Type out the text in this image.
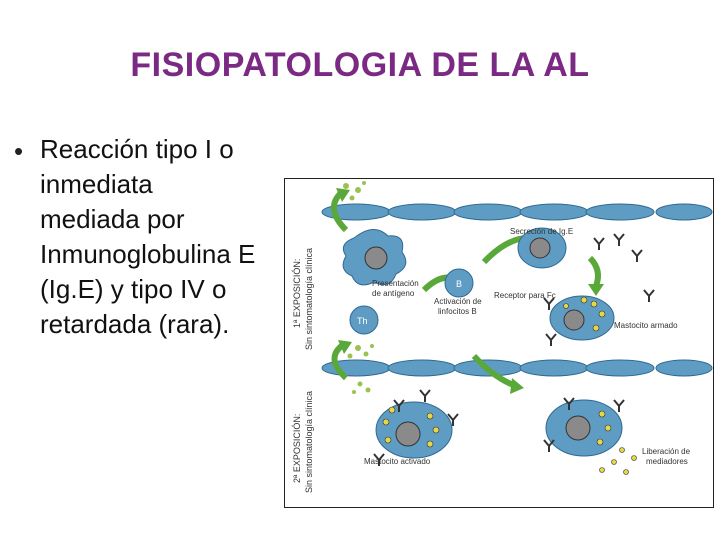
FISIOPATOLOGIA DE LA AL
• Reacción tipo I o
inmediata
mediada por
Inmunoglobulina E
(Ig.E) y tipo IV o
retardada (rara).	1ª EXPOSICIÓN: Sin sintomatología clínica
2ª EXPOSICIÓN: Sin sintomatología clínica
B
Th
Secreción de Ig.E
Presentación
de antígeno
Activación de
linfocitos B
Receptor para Fc
Mastocito armado
Mastocito activado
Liberación de
mediadores
